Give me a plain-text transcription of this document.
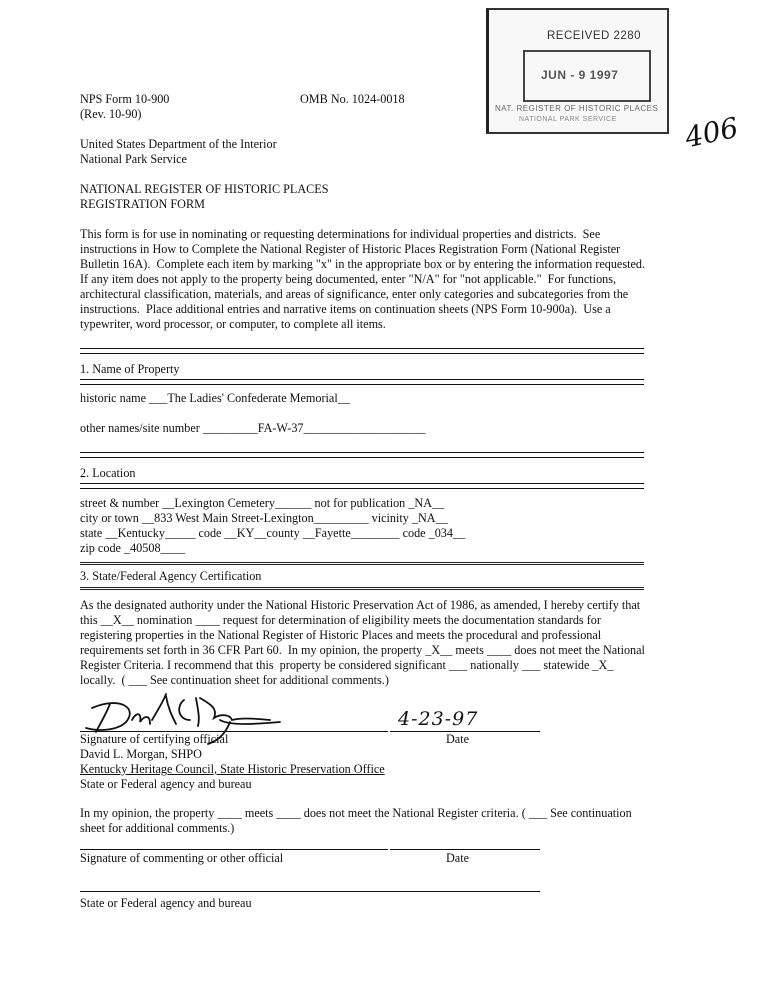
RECEIVED 2280
JUN - 9 1997
NAT. REGISTER OF HISTORIC PLACES
NATIONAL PARK SERVICE 406
NPS Form 10-900
(Rev. 10-90)
OMB No. 1024-0018
United States Department of the Interior
National Park Service
NATIONAL REGISTER OF HISTORIC PLACES
REGISTRATION FORM
This form is for use in nominating or requesting determinations for individual properties and districts.  See
instructions in How to Complete the National Register of Historic Places Registration Form (National Register
Bulletin 16A).  Complete each item by marking "x" in the appropriate box or by entering the information requested.
If any item does not apply to the property being documented, enter "N/A" for "not applicable."  For functions,
architectural classification, materials, and areas of significance, enter only categories and subcategories from the
instructions.  Place additional entries and narrative items on continuation sheets (NPS Form 10-900a).  Use a
typewriter, word processor, or computer, to complete all items.
1. Name of Property
historic name ___The Ladies' Confederate Memorial__
other names/site number _________FA-W-37____________________
2. Location
street & number __Lexington Cemetery______ not for publication _NA__
city or town __833 West Main Street-Lexington_________ vicinity _NA__
state __Kentucky_____ code __KY__county __Fayette________ code _034__
zip code _40508____
3. State/Federal Agency Certification
As the designated authority under the National Historic Preservation Act of 1986, as amended, I hereby certify that
this __X__ nomination ____ request for determination of eligibility meets the documentation standards for
registering properties in the National Register of Historic Places and meets the procedural and professional
requirements set forth in 36 CFR Part 60.  In my opinion, the property _X__ meets ____ does not meet the National
Register Criteria. I recommend that this  property be considered significant ___ nationally ___ statewide _X_
locally.  ( ___ See continuation sheet for additional comments.)
4-23-97
Signature of certifying official	Date
David L. Morgan, SHPO
Kentucky Heritage Council, State Historic Preservation Office
State or Federal agency and bureau
In my opinion, the property ____ meets ____ does not meet the National Register criteria. ( ___ See continuation
sheet for additional comments.)
Signature of commenting or other official	Date
State or Federal agency and bureau
